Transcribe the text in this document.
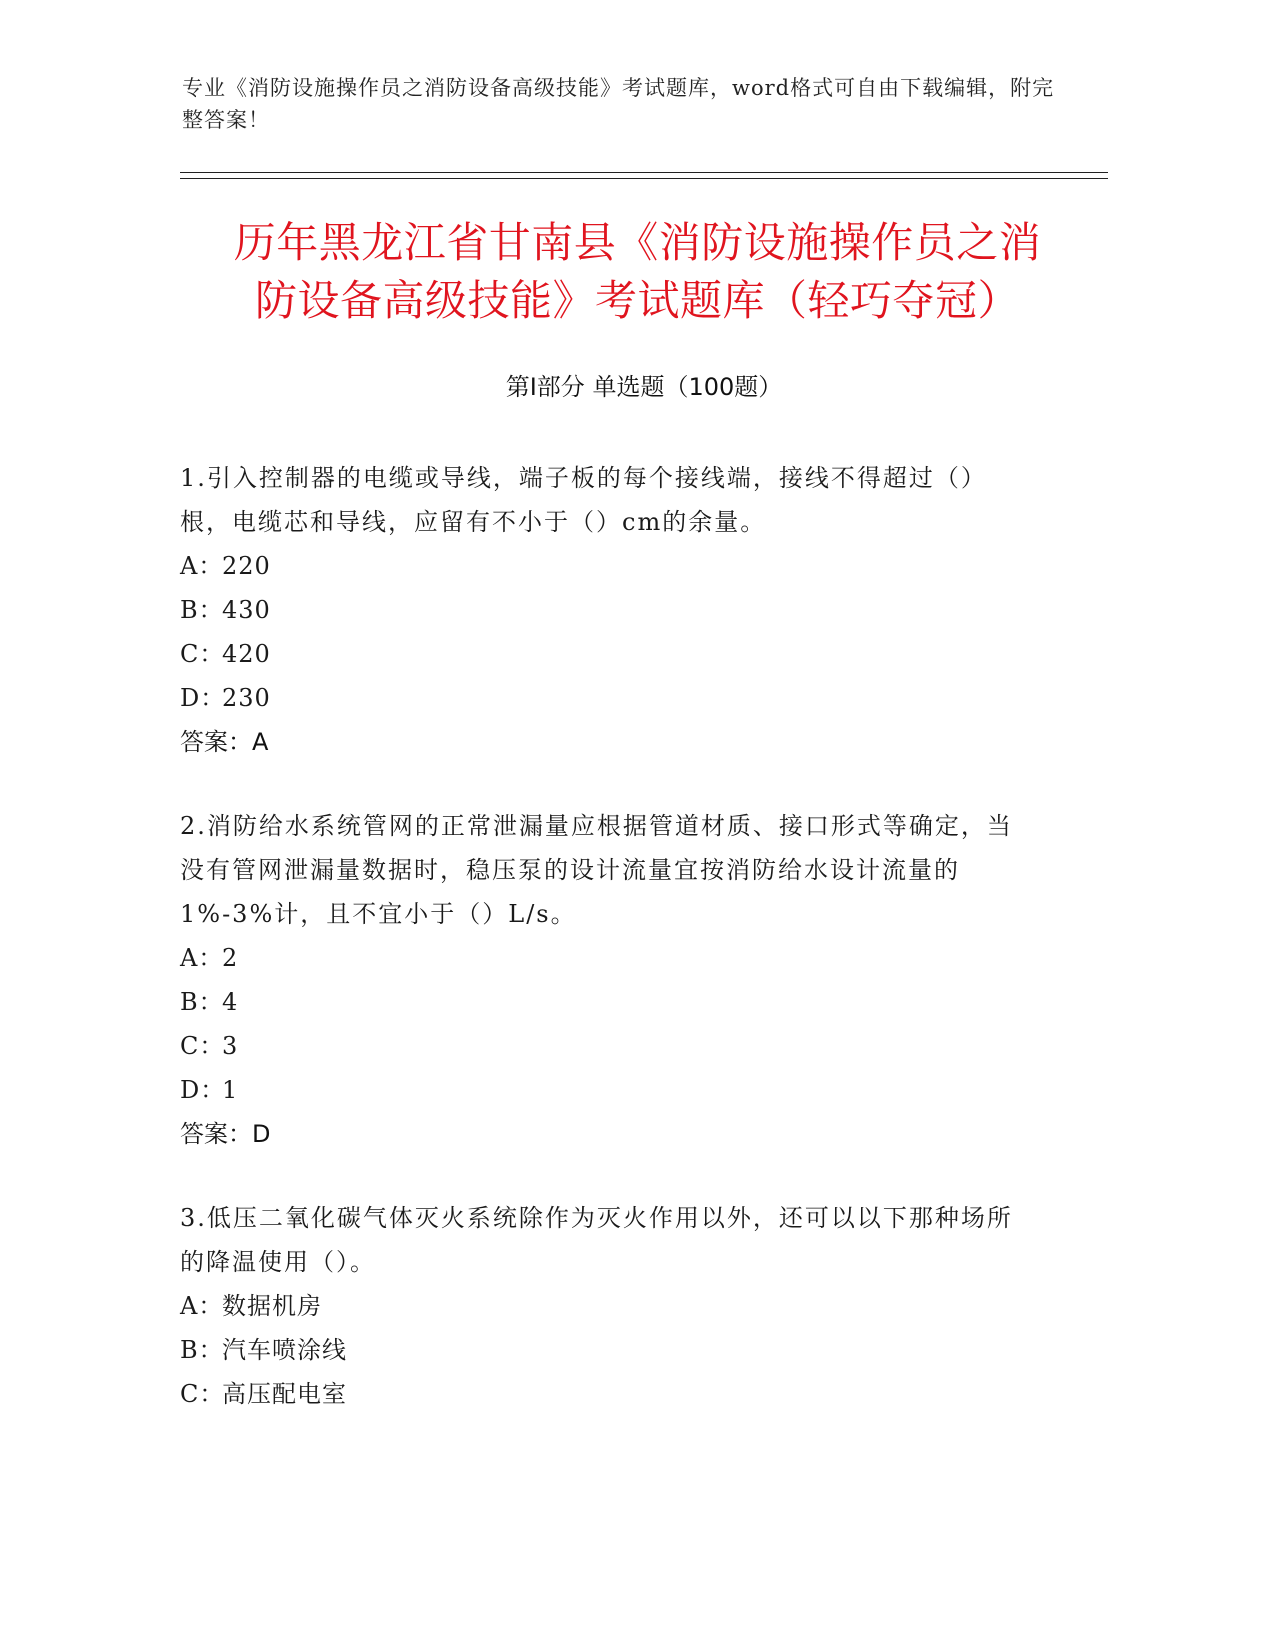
专业《消防设施操作员之消防设备高级技能》考试题库，word格式可自由下载编辑，附完整答案！
历年黑龙江省甘南县《消防设施操作员之消
防设备高级技能》考试题库（轻巧夺冠）
第Ⅰ部分 单选题（100题）

1.引入控制器的电缆或导线，端子板的每个接线端，接线不得超过（）根，电缆芯和导线，应留有不小于（）cm的余量。

A：220
B：430
C：420
D：230
答案：A

2.消防给水系统管网的正常泄漏量应根据管道材质、接口形式等确定，当没有管网泄漏量数据时，稳压泵的设计流量宜按消防给水设计流量的1%-3%计，且不宜小于（）L/s。

A：2
B：4
C：3
D：1
答案：D

3.低压二氧化碳气体灭火系统除作为灭火作用以外，还可以以下那种场所的降温使用（）。

A：数据机房
B：汽车喷涂线
C：高压配电室
